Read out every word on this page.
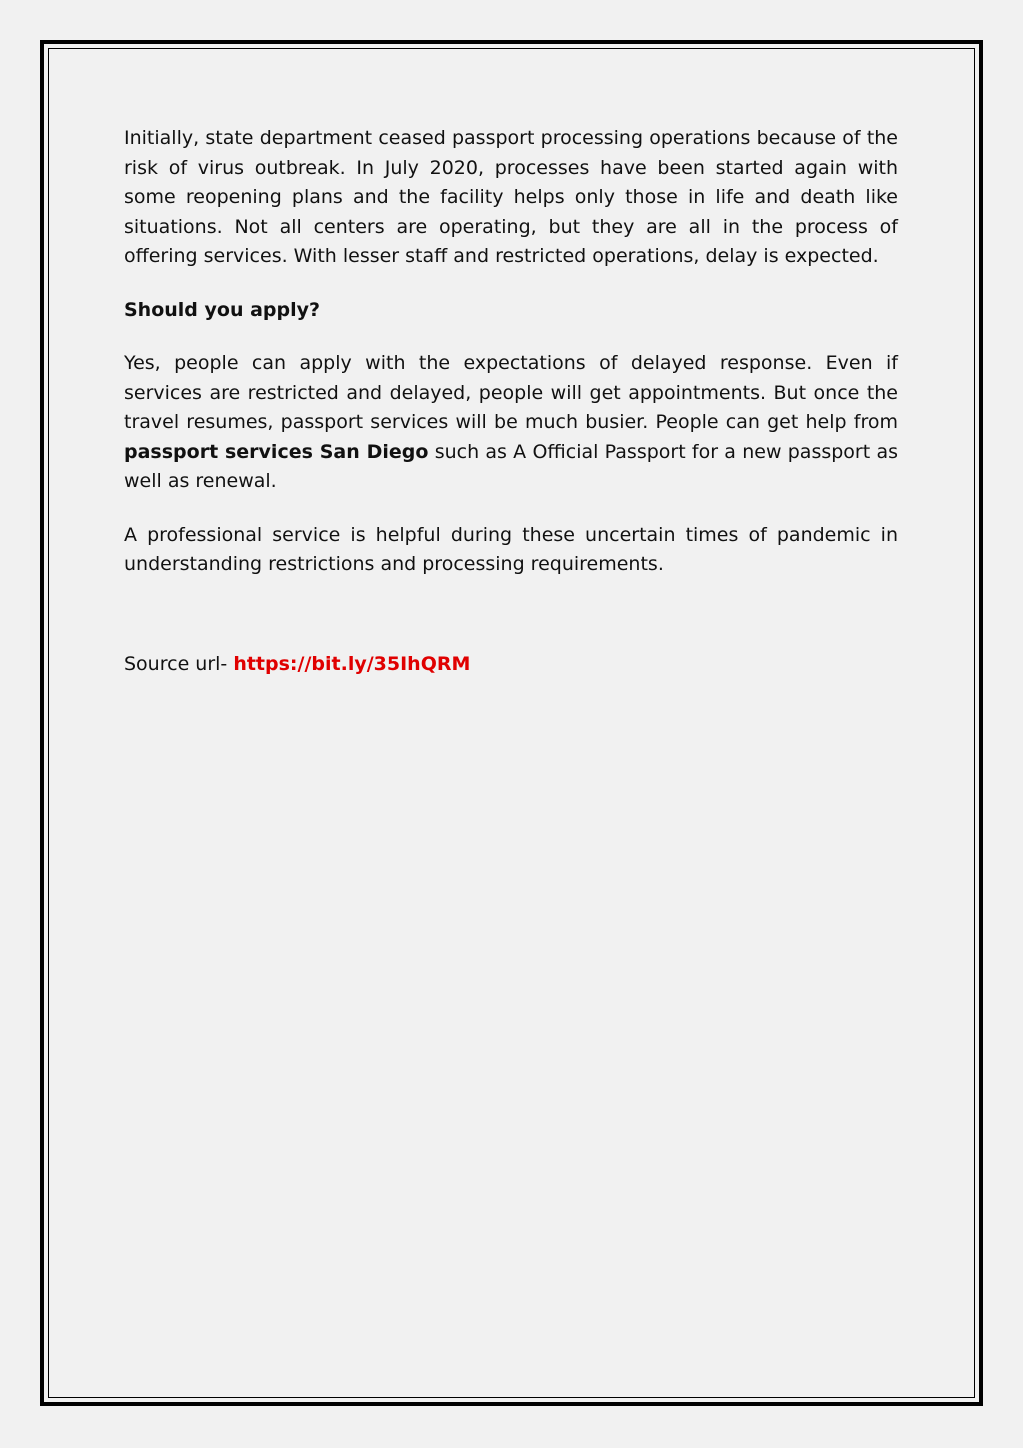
Initially, state department ceased passport processing operations because of the risk of virus outbreak. In July 2020, processes have been started again with some reopening plans and the facility helps only those in life and death like situations. Not all centers are operating, but they are all in the process of offering services. With lesser staff and restricted operations, delay is expected.

Should you apply?

Yes, people can apply with the expectations of delayed response. Even if services are restricted and delayed, people will get appointments. But once the travel resumes, passport services will be much busier. People can get help from passport services San Diego such as A Official Passport for a new passport as well as renewal.

A professional service is helpful during these uncertain times of pandemic in understanding restrictions and processing requirements.

Source url- https://bit.ly/35IhQRM
